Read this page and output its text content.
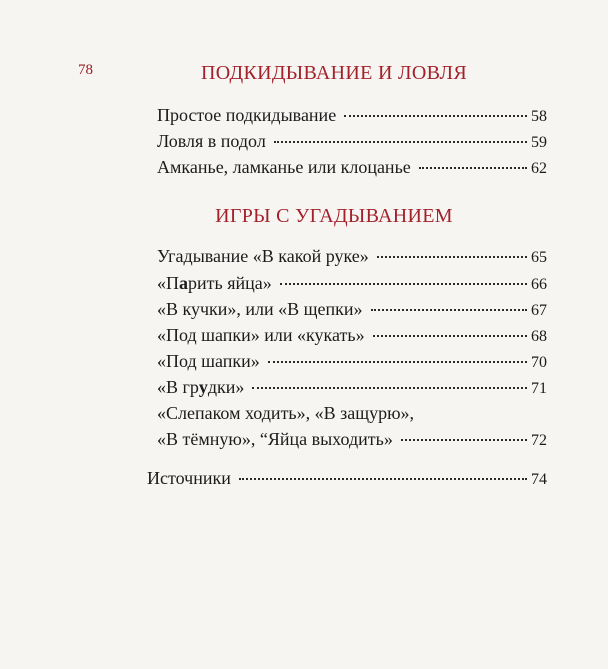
78	ПОДКИДЫВАНИЕ И ЛОВЛЯ
Простое подкидывание	58
Ловля в подол	59
Амканье, ламканье или клоцанье	62
ИГРЫ С УГАДЫВАНИЕМ
Угадывание «В какой руке»	65
«Парить яйца»	66
«В кучки», или «В щепки»	67
«Под шапки» или «кукать»	68
«Под шапки»	70
«В грудки»	71
«Слепаком ходить», «В защурю»,
«В тёмную», “Яйца выходить»	72
Источники	74
